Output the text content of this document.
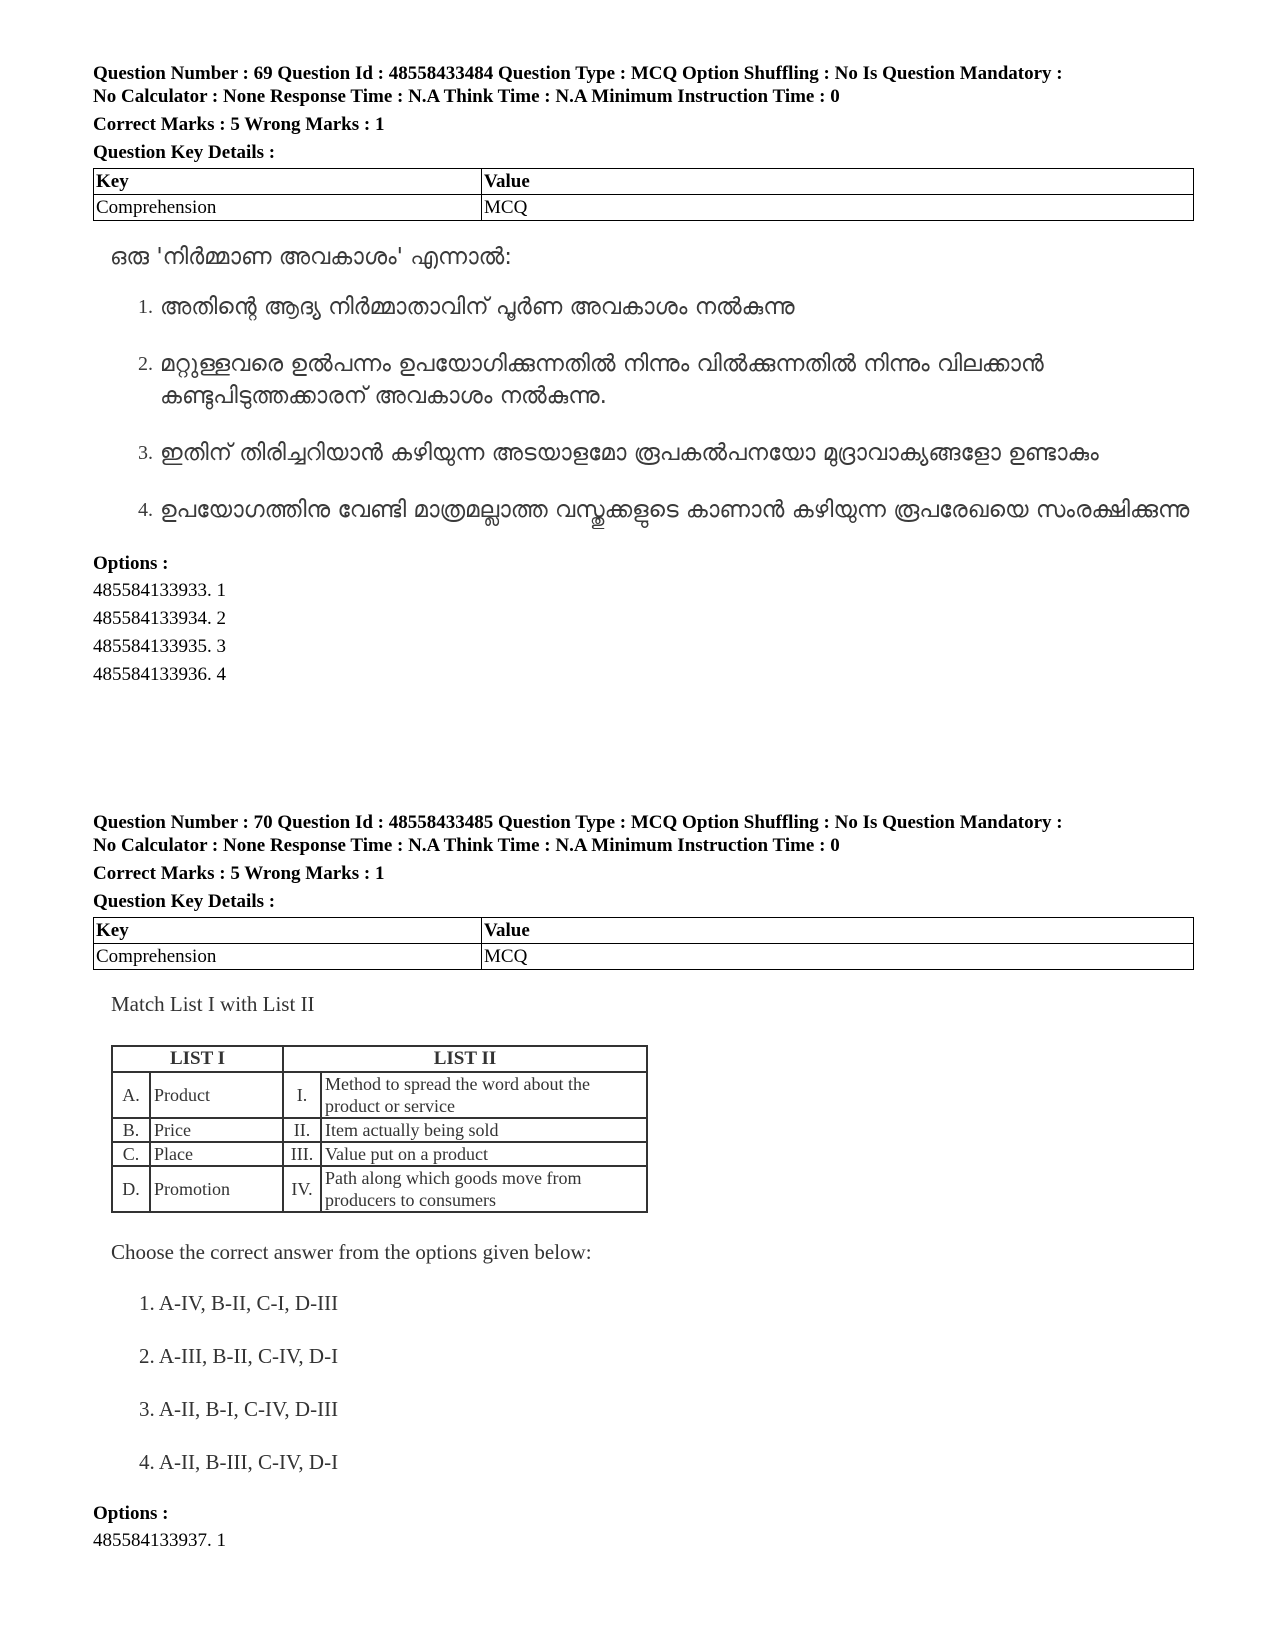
Question Number : 69 Question Id : 48558433484 Question Type : MCQ Option Shuffling : No Is Question Mandatory :
No Calculator : None Response Time : N.A Think Time : N.A Minimum Instruction Time : 0

Correct Marks : 5 Wrong Marks : 1
Question Key Details :
Key	Value
Comprehension	MCQ
ഒരു 'നിർമ്മാണ അവകാശം' എന്നാൽ:
1. അതിന്റെ ആദ്യ നിർമ്മാതാവിന് പൂർണ അവകാശം നൽകുന്നു
2. മറ്റുള്ളവരെ ഉൽപന്നം ഉപയോഗിക്കുന്നതിൽ നിന്നും വിൽക്കുന്നതിൽ നിന്നും വിലക്കാൻ കണ്ടുപിടുത്തക്കാരന് അവകാശം നൽകുന്നു.
3. ഇതിന് തിരിച്ചറിയാൻ കഴിയുന്ന അടയാളമോ രൂപകൽപനയോ മുദ്രാവാക്യങ്ങളോ ഉണ്ടാകും
4. ഉപയോഗത്തിനു വേണ്ടി മാത്രമല്ലാത്ത വസ്തുക്കളുടെ കാണാൻ കഴിയുന്ന രൂപരേഖയെ സംരക്ഷിക്കുന്നു
Options :
485584133933. 1
485584133934. 2
485584133935. 3
485584133936. 4

Question Number : 70 Question Id : 48558433485 Question Type : MCQ Option Shuffling : No Is Question Mandatory :
No Calculator : None Response Time : N.A Think Time : N.A Minimum Instruction Time : 0

Correct Marks : 5 Wrong Marks : 1
Question Key Details :
Key	Value
Comprehension	MCQ
Match List I with List II
LIST I		LIST II	
A.	Product	I.	Method to spread the word about the product or service
B.	Price	II.	Item actually being sold
C.	Place	III.	Value put on a product
D.	Promotion	IV.	Path along which goods move from producers to consumers
Choose the correct answer from the options given below:
1. A-IV, B-II, C-I, D-III
2. A-III, B-II, C-IV, D-I
3. A-II, B-I, C-IV, D-III
4. A-II, B-III, C-IV, D-I
Options :
485584133937. 1
